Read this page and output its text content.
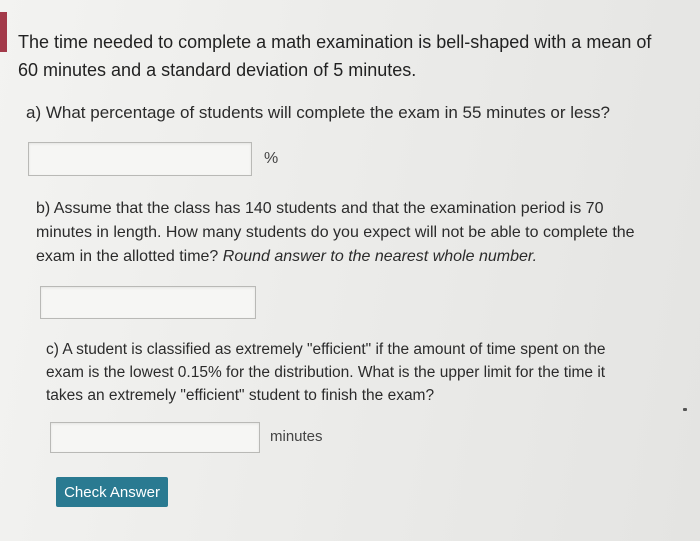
The time needed to complete a math examination is bell-shaped with a mean of 60 minutes and a standard deviation of 5 minutes.
a) What percentage of students will complete the exam in 55 minutes or less?
%
b) Assume that the class has 140 students and that the examination period is 70 minutes in length. How many students do you expect will not be able to complete the exam in the allotted time? Round answer to the nearest whole number.
c) A student is classified as extremely "efficient" if the amount of time spent on the exam is the lowest 0.15% for the distribution. What is the upper limit for the time it takes an extremely "efficient" student to finish the exam?
minutes
Check Answer
